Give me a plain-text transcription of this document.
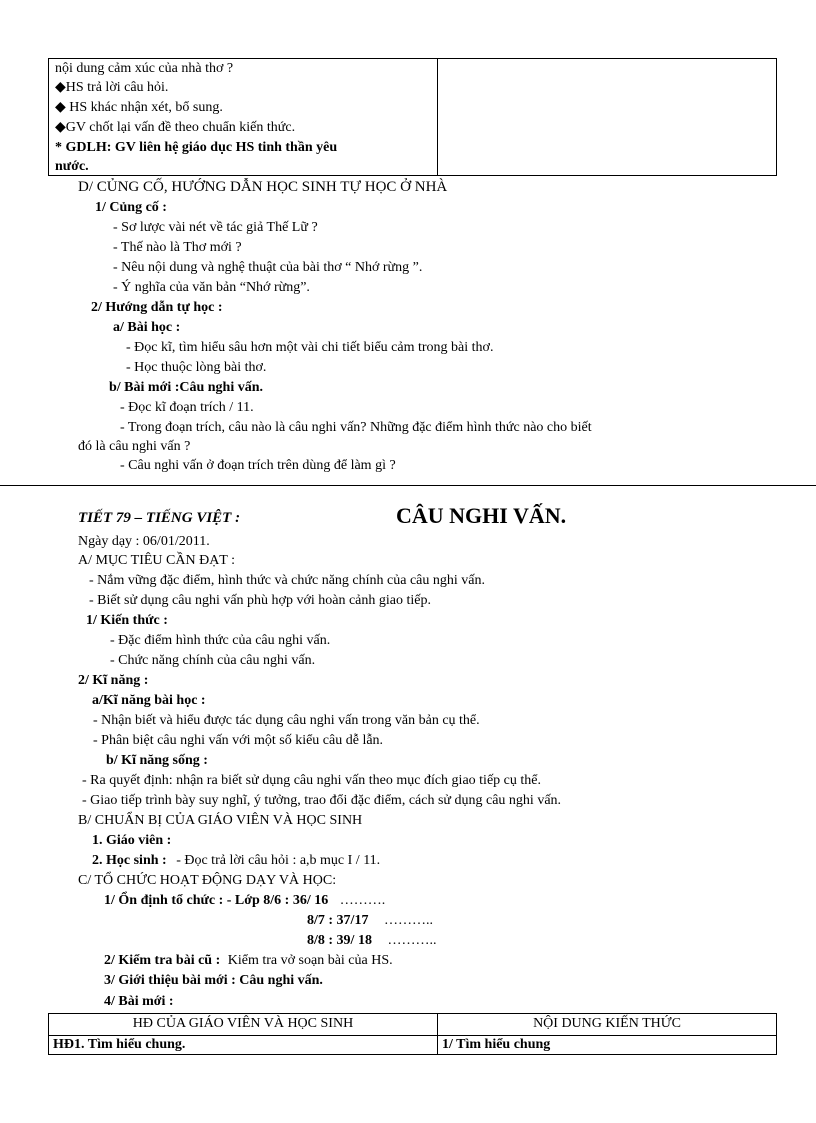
nội dung cảm xúc của nhà thơ ?
◆HS trả lời câu hỏi.
◆ HS khác nhận xét, bổ sung.
◆GV chốt lại vấn đề theo chuẩn kiến thức.
* GDLH: GV liên hệ giáo dục HS tinh thần yêu
nước.
D/ CỦNG CỐ, HƯỚNG DẪN HỌC SINH TỰ HỌC Ở NHÀ
1/ Củng cố :
- Sơ lược vài nét về tác giả Thế Lữ ?
- Thế nào là Thơ mới ?
- Nêu nội dung và nghệ thuật của bài thơ “ Nhớ rừng ”.
- Ý nghĩa của văn bản “Nhớ rừng”.
2/ Hướng dẫn tự học :
a/ Bài học :
- Đọc kĩ, tìm hiểu sâu hơn một vài chi tiết biểu cảm trong bài thơ.
- Học thuộc lòng bài thơ.
b/ Bài mới :Câu nghi vấn.
- Đọc kĩ đoạn trích / 11.
- Trong đoạn trích, câu nào là câu nghi vấn? Những đặc điểm hình thức nào cho biết
đó là câu nghi vấn ?
- Câu nghi vấn ở đoạn trích trên dùng để làm gì ?
TIẾT 79 – TIẾNG VIỆT :	CÂU NGHI VẤN.
Ngày dạy : 06/01/2011.
A/ MỤC TIÊU CẦN ĐẠT :
- Nắm vững đặc điểm, hình thức và chức năng chính của câu nghi vấn.
- Biết sử dụng câu nghi vấn phù hợp với hoàn cảnh giao tiếp.
1/ Kiến thức :
- Đặc điểm hình thức của câu nghi vấn.
- Chức năng chính của câu nghi vấn.
2/ Kĩ năng :
a/Kĩ năng bài học :
- Nhận biết và hiểu được tác dụng câu nghi vấn trong văn bản cụ thể.
- Phân biệt câu nghi vấn với một số kiểu câu dễ lẫn.
b/ Kĩ năng sống :
- Ra quyết định: nhận ra biết sử dụng câu nghi vấn theo mục đích giao tiếp cụ thể.
- Giao tiếp trình bày suy nghĩ, ý tưởng, trao đổi đặc điểm, cách sử dụng câu nghi vấn.
B/ CHUẨN BỊ CỦA GIÁO VIÊN VÀ HỌC SINH
1. Giáo viên :
2. Học sinh : - Đọc trả lời câu hỏi : a,b mục I / 11.
C/ TỔ CHỨC HOẠT ĐỘNG DẠY VÀ HỌC:
1/ Ổn định tổ chức : - Lớp 8/6 : 36/ 16 ……….
8/7 : 37/17 ………..
8/8 : 39/ 18 ………..
2/ Kiểm tra bài cũ : Kiểm tra vở soạn bài của HS.
3/ Giới thiệu bài mới : Câu nghi vấn.
4/ Bài mới :
HĐ CỦA GIÁO VIÊN VÀ HỌC SINH	NỘI DUNG KIẾN THỨC
HĐ1. Tìm hiểu chung.	1/ Tìm hiểu chung
